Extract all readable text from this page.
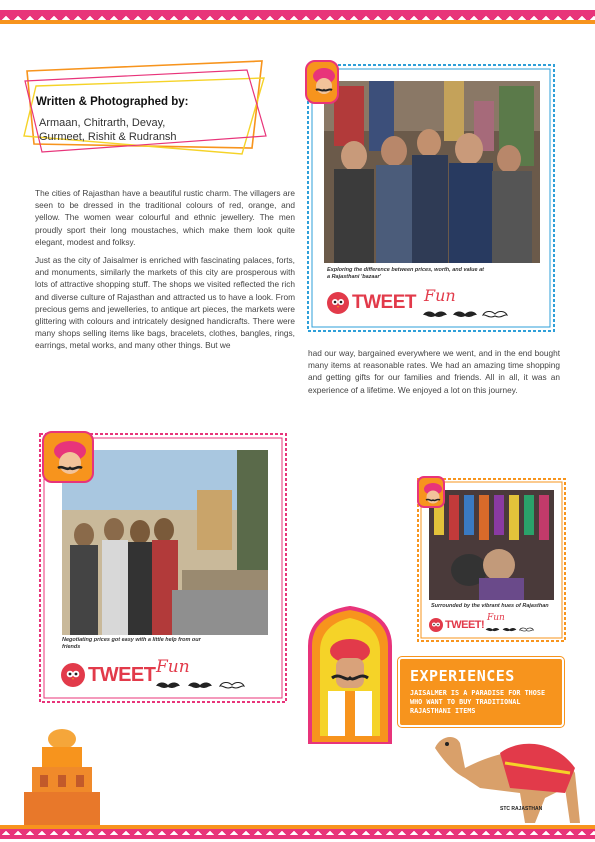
Written & Photographed by:
Armaan, Chitrarth, Devay,
Gurmeet, Rishit & Rudransh

The cities of Rajasthan have a beautiful rustic charm. The villagers are seen to be dressed in the traditional colours of red, orange, and yellow. The women wear colourful and ethnic jewellery. The men proudly sport their long moustaches, which make them look quite elegant, modest and folksy.

Just as the city of Jaisalmer is enriched with fascinating palaces, forts, and monuments, similarly the markets of this city are prosperous with lots of attractive shopping stuff. The shops we visited reflected the rich and diverse culture of Rajasthan and attracted us to have a look. From precious gems and jewelleries, to antique art pieces, the markets were glittering with colours and intricately designed handicrafts. There were many shops selling items like bags, bracelets, clothes, bangles, rings, earrings, metal works, and many other things. But we

had our way, bargained everywhere we went, and in the end bought many items at reasonable rates. We had an amazing time shopping and getting gifts for our families and friends. All in all, it was an experience of a lifetime. We enjoyed a lot on this journey.

Exploring the difference between prices, worth, and value at a Rajasthani 'bazaar'
TWEET Fun
Negotiating prices got easy with a little help from our friends
TWEET Fun
Surrounded by the vibrant hues of Rajasthan
TWEET!
Fun
EXPERIENCES
JAISALMER IS A PARADISE FOR THOSE WHO WANT TO BUY TRADITIONAL RAJASTHANI ITEMS
STC RAJASTHAN
